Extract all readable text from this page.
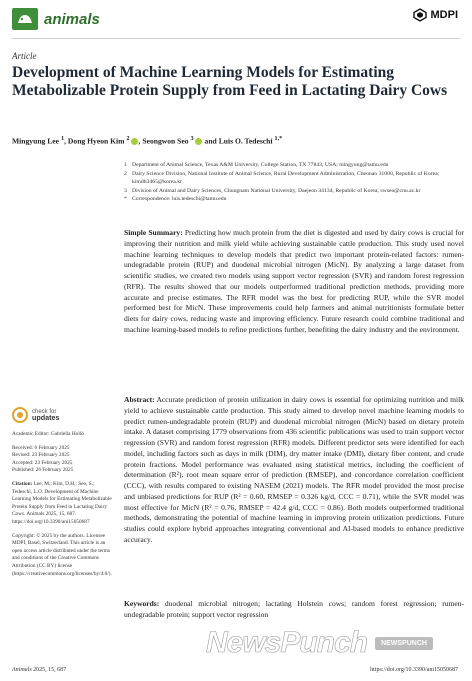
animals	MDPI
Article
Development of Machine Learning Models for Estimating Metabolizable Protein Supply from Feed in Lactating Dairy Cows
Mingyung Lee $^1$, Dong Hyeon Kim $^2$ , Seongwon Seo $^3$ and Luis O. Tedeschi $^{1,*}$
1 Department of Animal Science, Texas A&M University, College Station, TX 77843, USA; mingyung@tamu.edu
2 Dairy Science Division, National Institute of Animal Science, Rural Development Administration, Cheonan 31000, Republic of Korea; kimdh3465@korea.kr
3 Division of Animal and Dairy Sciences, Chungnam National University, Daejeon 34134, Republic of Korea; swseo@cnu.ac.kr
* Correspondence: luis.tedeschi@tamu.edu
Simple Summary: Predicting how much protein from the diet is digested and used by dairy cows is crucial for improving their nutrition and milk yield while achieving sustainable cattle production. This study used novel machine learning techniques to develop models that predict two important protein-related factors: rumen-undegradable protein (RUP) and duodenal microbial nitrogen (MicN). By analyzing a large dataset from scientific studies, we created two models using support vector regression (SVR) and random forest regression (RFR). The results showed that our models outperformed traditional prediction methods, providing more accurate and precise estimates. The RFR model was the best for predicting RUP, while the SVR model performed best for MicN. These improvements could help farmers and animal nutritionists formulate better diets for dairy cows, reducing waste and improving efficiency. Future research could combine traditional and machine learning-based models to refine predictions further, benefiting the dairy industry and the environment.
Abstract: Accurate prediction of protein utilization in dairy cows is essential for optimizing nutrition and milk yield to achieve sustainable cattle production. This study aimed to develop novel machine learning models to predict rumen-undegradable protein (RUP) and duodenal microbial nitrogen (MicN) based on dietary protein intake. A dataset comprising 1779 observations from 436 scientific publications was used to train support vector regression (SVR) and random forest regression (RFR) models. Different predictor sets were identified for each model, including factors such as days in milk (DIM), dry matter intake (DMI), dietary fiber content, and crude protein fractions. Model performance was evaluated using statistical metrics, including the coefficient of determination (R²), root mean square error of prediction (RMSEP), and concordance correlation coefficient (CCC), with results compared to existing NASEM (2021) models. The RFR model provided the most precise and unbiased predictions for RUP (R² = 0.60, RMSEP = 0.326 kg/d, CCC = 0.71), while the SVR model was most effective for MicN (R² = 0.76, RMSEP = 42.4 g/d, CCC = 0.86). Both models outperformed traditional methods, demonstrating the potential of machine learning in improving protein utilization predictions. Future studies could explore hybrid approaches integrating conventional and AI-based models to enhance predictive accuracy.
Keywords: duodenal microbial nitrogen; lactating Holstein cows; random forest regression; rumen-undegradable protein; support vector regression
check for
updates
Academic Editor: Gabriella Holló
Received: 6 February 2025
Revised: 23 February 2025
Accepted: 23 February 2025
Published: 26 February 2025
Citation: Lee, M.; Kim, D.H.; Seo, S.; Tedeschi, L.O. Development of Machine Learning Models for Estimating Metabolizable Protein Supply from Feed in Lactating Dairy Cows. Animals 2025, 15, 687. https://doi.org/10.3390/ani15050687
Copyright: © 2025 by the authors. Licensee MDPI, Basel, Switzerland. This article is an open access article distributed under the terms and conditions of the Creative Commons Attribution (CC BY) license (https://creativecommons.org/licenses/by/4.0/).
Animals 2025, 15, 687	https://doi.org/10.3390/ani15050687
NewsPunch	NEWSPUNCH
